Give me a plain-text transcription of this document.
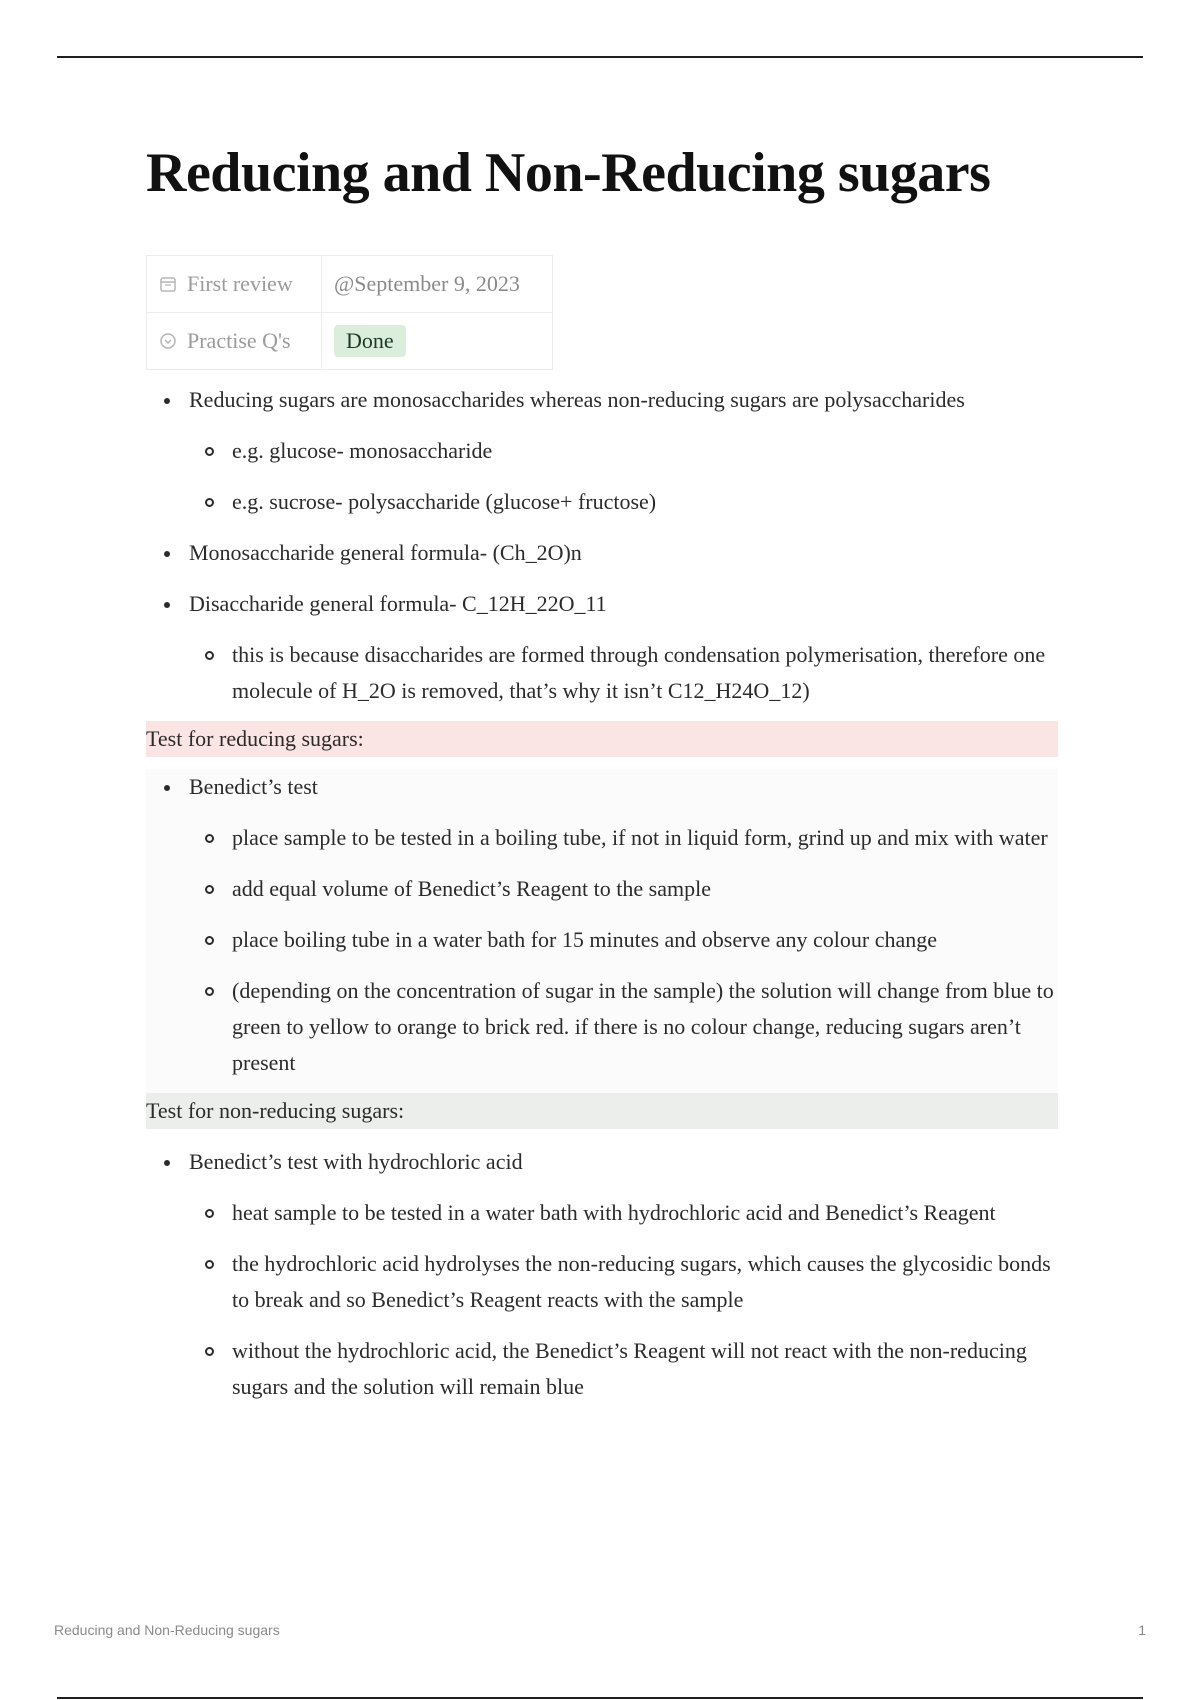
Reducing and Non-Reducing sugars
First review	@September 9, 2023
Practise Q's	Done
Reducing sugars are monosaccharides whereas non-reducing sugars are polysaccharides
e.g. glucose- monosaccharide
e.g. sucrose- polysaccharide (glucose+ fructose)
Monosaccharide general formula- (Ch_2O)n
Disaccharide general formula- C_12H_22O_11
this is because disaccharides are formed through condensation polymerisation, therefore one molecule of H_2O is removed, that’s why it isn’t C12_H24O_12)
Test for reducing sugars:
Benedict’s test
place sample to be tested in a boiling tube, if not in liquid form, grind up and mix with water
add equal volume of Benedict’s Reagent to the sample
place boiling tube in a water bath for 15 minutes and observe any colour change
(depending on the concentration of sugar in the sample) the solution will change from blue to green to yellow to orange to brick red. if there is no colour change, reducing sugars aren’t present
Test for non-reducing sugars:
Benedict’s test with hydrochloric acid
heat sample to be tested in a water bath with hydrochloric acid and Benedict’s Reagent
the hydrochloric acid hydrolyses the non-reducing sugars, which causes the glycosidic bonds to break and so Benedict’s Reagent reacts with the sample
without the hydrochloric acid, the Benedict’s Reagent will not react with the non-reducing sugars and the solution will remain blue
Reducing and Non-Reducing sugars	1
